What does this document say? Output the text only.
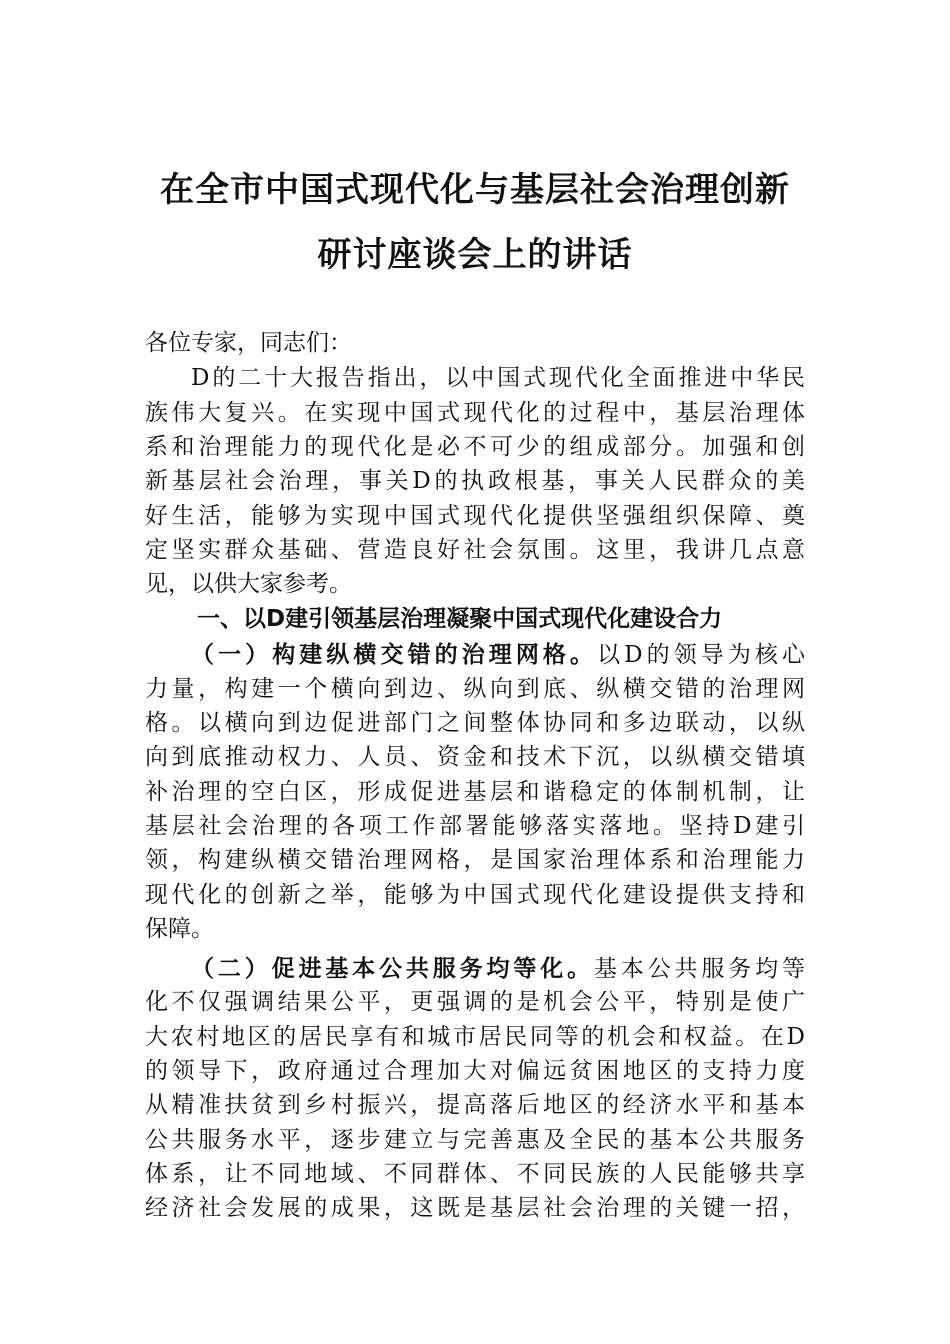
在全市中国式现代化与基层社会治理创新
研讨座谈会上的讲话
各位专家，同志们：
D的二十大报告指出，以中国式现代化全面推进中华民
族伟大复兴。在实现中国式现代化的过程中，基层治理体
系和治理能力的现代化是必不可少的组成部分。加强和创
新基层社会治理，事关D的执政根基，事关人民群众的美
好生活，能够为实现中国式现代化提供坚强组织保障、奠
定坚实群众基础、营造良好社会氛围。这里，我讲几点意
见，以供大家参考。
一、以D建引领基层治理凝聚中国式现代化建设合力
（一）构建纵横交错的治理网格。以D的领导为核心
力量，构建一个横向到边、纵向到底、纵横交错的治理网
格。以横向到边促进部门之间整体协同和多边联动，以纵
向到底推动权力、人员、资金和技术下沉，以纵横交错填
补治理的空白区，形成促进基层和谐稳定的体制机制，让
基层社会治理的各项工作部署能够落实落地。坚持D建引
领，构建纵横交错治理网格，是国家治理体系和治理能力
现代化的创新之举，能够为中国式现代化建设提供支持和
保障。
（二）促进基本公共服务均等化。基本公共服务均等
化不仅强调结果公平，更强调的是机会公平，特别是使广
大农村地区的居民享有和城市居民同等的机会和权益。在D
的领导下，政府通过合理加大对偏远贫困地区的支持力度
从精准扶贫到乡村振兴，提高落后地区的经济水平和基本
公共服务水平，逐步建立与完善惠及全民的基本公共服务
体系，让不同地域、不同群体、不同民族的人民能够共享
经济社会发展的成果，这既是基层社会治理的关键一招，
